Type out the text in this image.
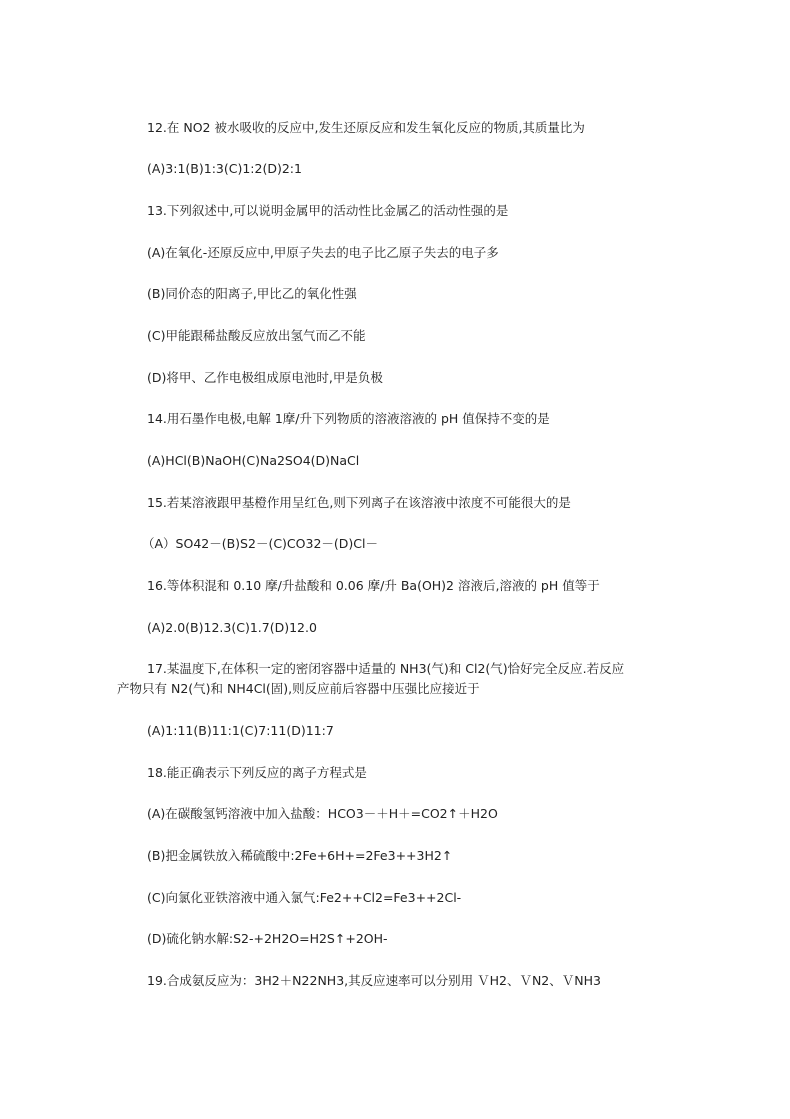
12.在 NO2 被水吸收的反应中,发生还原反应和发生氧化反应的物质,其质量比为
(A)3:1(B)1:3(C)1:2(D)2:1
13.下列叙述中,可以说明金属甲的活动性比金属乙的活动性强的是
(A)在氧化-还原反应中,甲原子失去的电子比乙原子失去的电子多
(B)同价态的阳离子,甲比乙的氧化性强
(C)甲能跟稀盐酸反应放出氢气而乙不能
(D)将甲、乙作电极组成原电池时,甲是负极
14.用石墨作电极,电解 1摩/升下列物质的溶液溶液的 pH 值保持不变的是
(A)HCl(B)NaOH(C)Na2SO4(D)NaCl
15.若某溶液跟甲基橙作用呈红色,则下列离子在该溶液中浓度不可能很大的是
（A）SO42－(B)S2－(C)CO32－(D)Cl－
16.等体积混和 0.10 摩/升盐酸和 0.06 摩/升 Ba(OH)2 溶液后,溶液的 pH 值等于
(A)2.0(B)12.3(C)1.7(D)12.0
17.某温度下,在体积一定的密闭容器中适量的 NH3(气)和 Cl2(气)恰好完全反应.若反应
产物只有 N2(气)和 NH4Cl(固),则反应前后容器中压强比应接近于
(A)1:11(B)11:1(C)7:11(D)11:7
18.能正确表示下列反应的离子方程式是
(A)在碳酸氢钙溶液中加入盐酸：HCO3－＋H＋=CO2↑＋H2O
(B)把金属铁放入稀硫酸中:2Fe+6H+=2Fe3++3H2↑
(C)向氯化亚铁溶液中通入氯气:Fe2++Cl2=Fe3++2Cl-
(D)硫化钠水解:S2-+2H2O=H2S↑+2OH-
19.合成氨反应为：3H2＋N22NH3,其反应速率可以分别用 ＶH2、ＶN2、ＶNH3
